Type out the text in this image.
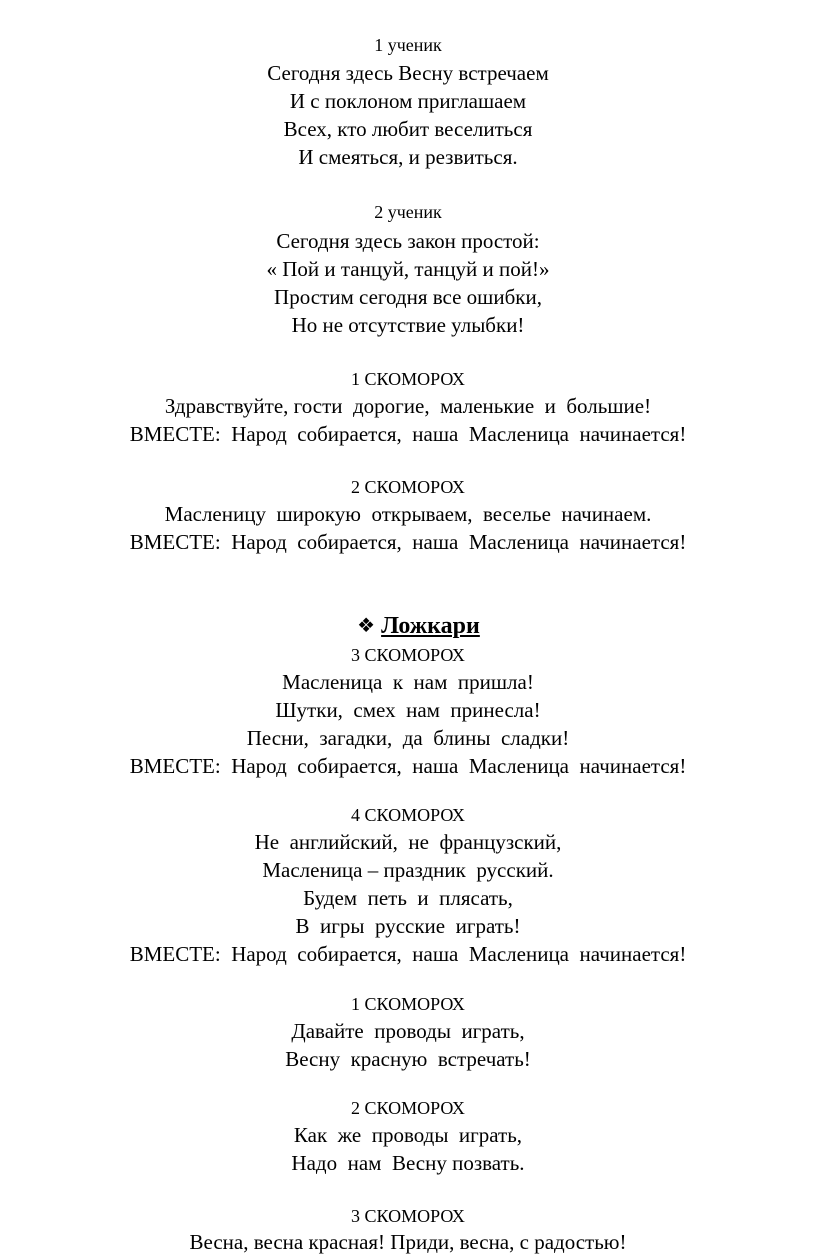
1 ученик
Сегодня здесь Весну встречаем
И с поклоном приглашаем
Всех, кто любит веселиться
И смеяться, и резвиться.
2 ученик
Сегодня здесь закон простой:
« Пой и танцуй, танцуй и пой!»
Простим сегодня все ошибки,
Но не отсутствие улыбки!
1 СКОМОРОХ
Здравствуйте, гости  дорогие,  маленькие  и  большие!
ВМЕСТЕ:  Народ  собирается,  наша  Масленица  начинается!
2 СКОМОРОХ
Масленицу  широкую  открываем,  веселье  начинаем.
ВМЕСТЕ:  Народ  собирается,  наша  Масленица  начинается!

❖ Ложкари

3 СКОМОРОХ
Масленица  к  нам  пришла!
Шутки,  смех  нам  принесла!
Песни,  загадки,  да  блины  сладки!
ВМЕСТЕ:  Народ  собирается,  наша  Масленица  начинается!
4 СКОМОРОХ
Не  английский,  не  французский,
Масленица – праздник  русский.
Будем  петь  и  плясать,
В  игры  русские  играть!
ВМЕСТЕ:  Народ  собирается,  наша  Масленица  начинается!
1 СКОМОРОХ
Давайте  проводы  играть,
Весну  красную  встречать!
2 СКОМОРОХ
Как  же  проводы  играть,
Надо  нам  Весну позвать.
3 СКОМОРОХ
Весна, весна красная! Приди, весна, с радостью!
